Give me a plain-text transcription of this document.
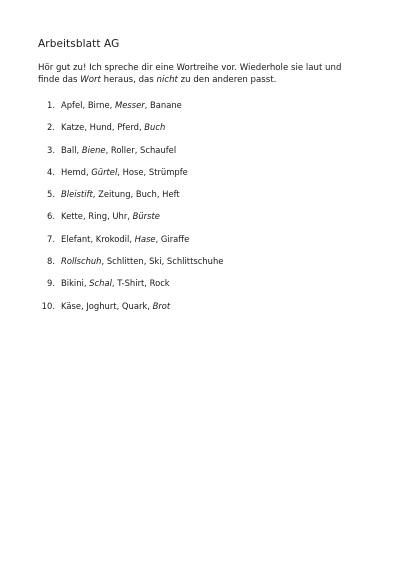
Arbeitsblatt AG

Hör gut zu! Ich spreche dir eine Wortreihe vor. Wiederhole sie laut und finde das Wort heraus, das nicht zu den anderen passt.

1. Apfel, Birne, Messer, Banane
2. Katze, Hund, Pferd, Buch
3. Ball, Biene, Roller, Schaufel
4. Hemd, Gürtel, Hose, Strümpfe
5. Bleistift, Zeitung, Buch, Heft
6. Kette, Ring, Uhr, Bürste
7. Elefant, Krokodil, Hase, Giraffe
8. Rollschuh, Schlitten, Ski, Schlittschuhe
9. Bikini, Schal, T-Shirt, Rock
10. Käse, Joghurt, Quark, Brot
